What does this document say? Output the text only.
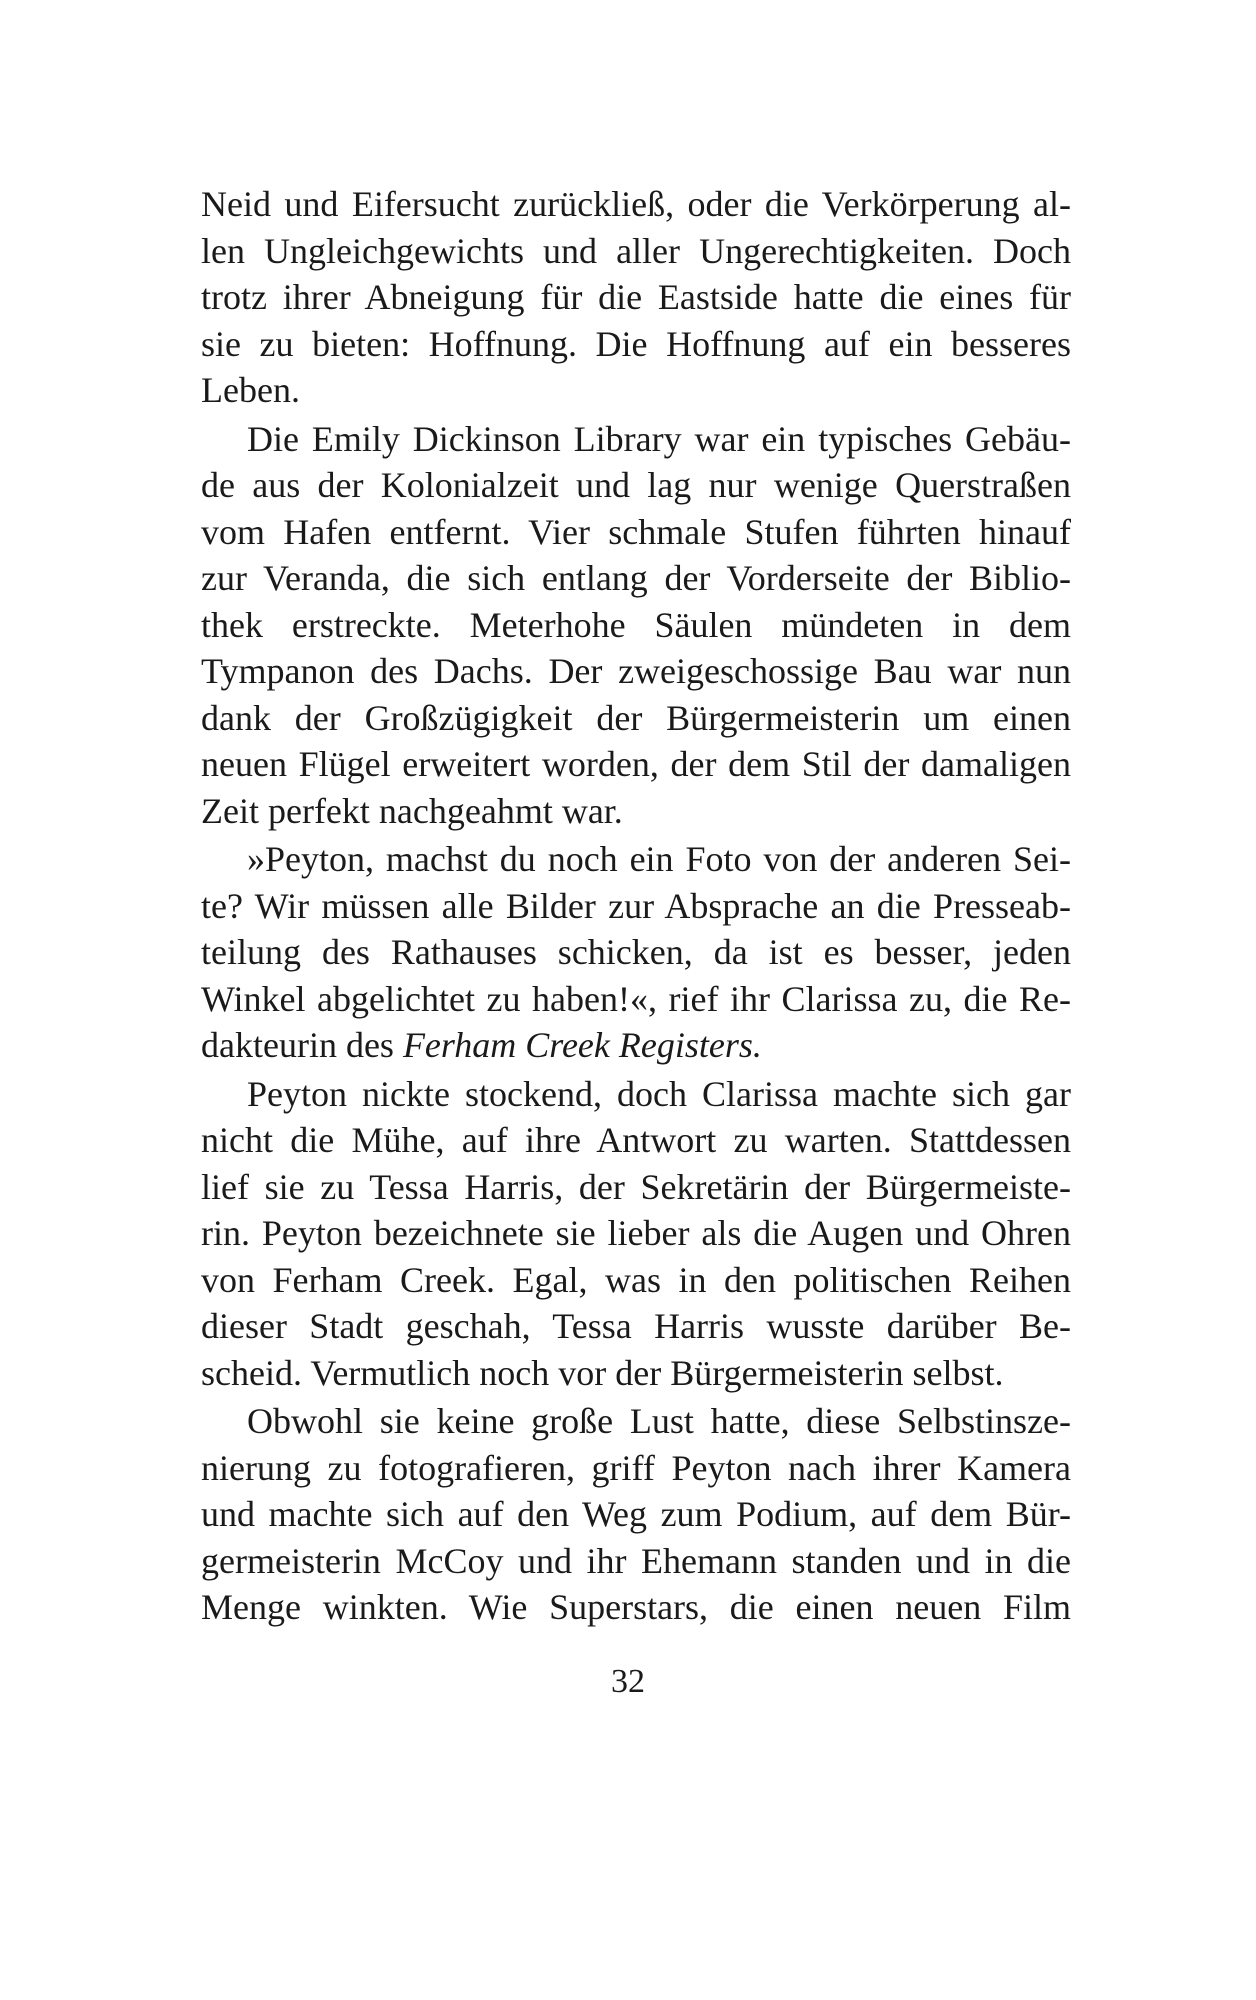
Neid und Eifersucht zurückließ, oder die Verkörperung al-
len Ungleichgewichts und aller Ungerechtigkeiten. Doch
trotz ihrer Abneigung für die Eastside hatte die eines für
sie zu bieten: Hoffnung. Die Hoffnung auf ein besseres
Leben.
Die Emily Dickinson Library war ein typisches Gebäu-
de aus der Kolonialzeit und lag nur wenige Querstraßen
vom Hafen entfernt. Vier schmale Stufen führten hinauf
zur Veranda, die sich entlang der Vorderseite der Biblio-
thek erstreckte. Meterhohe Säulen mündeten in dem
Tympanon des Dachs. Der zweigeschossige Bau war nun
dank der Großzügigkeit der Bürgermeisterin um einen
neuen Flügel erweitert worden, der dem Stil der damaligen
Zeit perfekt nachgeahmt war.
»Peyton, machst du noch ein Foto von der anderen Sei-
te? Wir müssen alle Bilder zur Absprache an die Presseab-
teilung des Rathauses schicken, da ist es besser, jeden
Winkel abgelichtet zu haben!«, rief ihr Clarissa zu, die Re-
dakteurin des Ferham Creek Registers.
Peyton nickte stockend, doch Clarissa machte sich gar
nicht die Mühe, auf ihre Antwort zu warten. Stattdessen
lief sie zu Tessa Harris, der Sekretärin der Bürgermeiste-
rin. Peyton bezeichnete sie lieber als die Augen und Ohren
von Ferham Creek. Egal, was in den politischen Reihen
dieser Stadt geschah, Tessa Harris wusste darüber Be-
scheid. Vermutlich noch vor der Bürgermeisterin selbst.
Obwohl sie keine große Lust hatte, diese Selbstinsze-
nierung zu fotografieren, griff Peyton nach ihrer Kamera
und machte sich auf den Weg zum Podium, auf dem Bür-
germeisterin McCoy und ihr Ehemann standen und in die
Menge winkten. Wie Superstars, die einen neuen Film
32
